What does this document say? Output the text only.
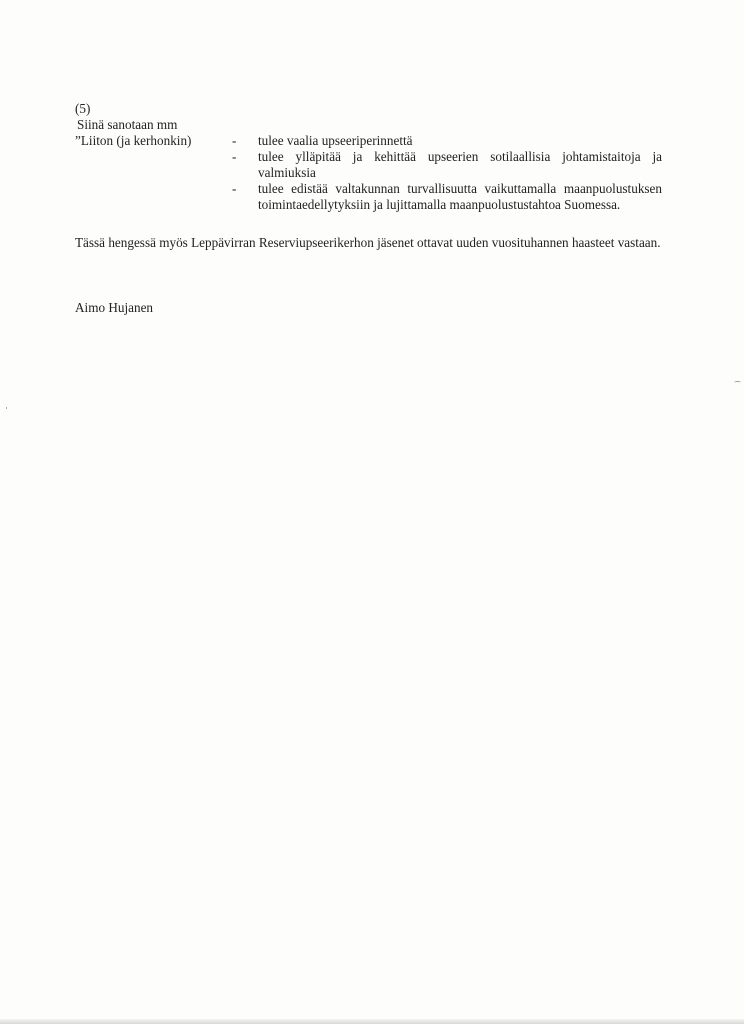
(5)
Siinä sanotaan mm
”Liiton (ja kerhonkin)	- tulee vaalia upseeriperinnettä
- tulee ylläpitää ja kehittää upseerien sotilaallisia johtamistaitoja ja valmiuksia
- tulee edistää valtakunnan turvallisuutta vaikuttamalla maanpuolustuksen toimintaedellytyksiin ja lujittamalla maanpuolustustahtoa Suomessa.
Tässä hengessä myös Leppävirran Reserviupseerikerhon jäsenet ottavat uuden vuosituhannen haasteet vastaan.
Aimo Hujanen
